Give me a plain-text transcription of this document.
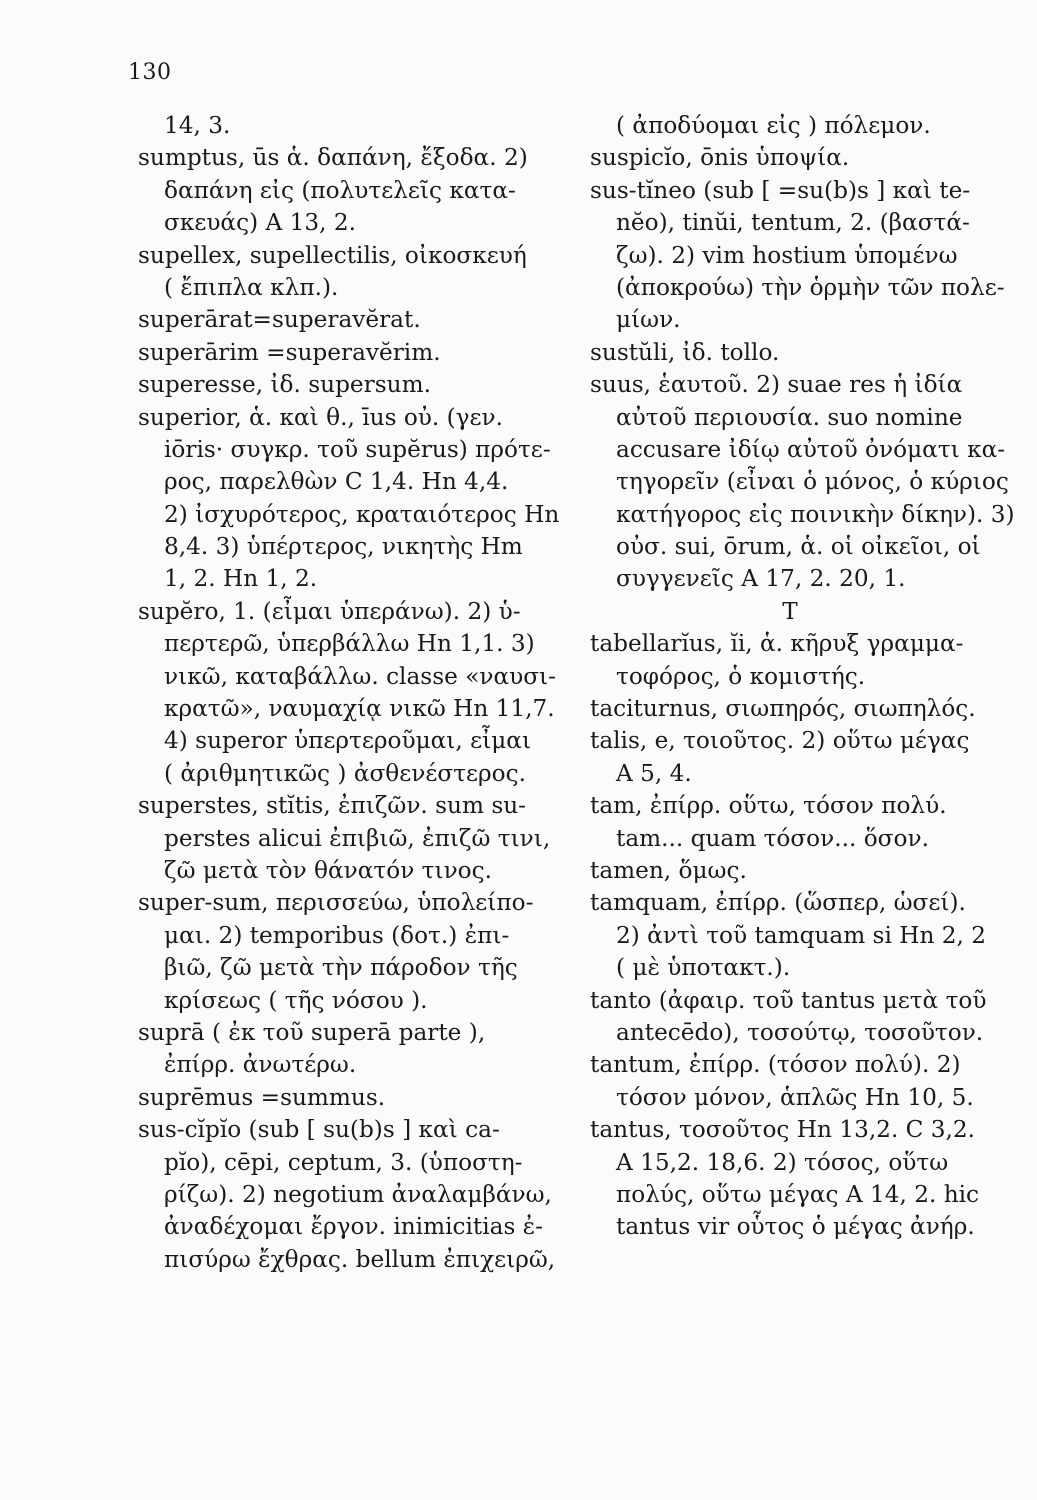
130
14, 3.
sumptus, ūs ἁ. δαπάνη, ἔξοδα. 2)
δαπάνη εἰς (πολυτελεῖς κατα-
σκευάς) A 13, 2.
supellex, supellectilis, οἰκοσκευή
( ἔπιπλα κλπ.).
superārat=superavĕrat.
superārim =superavĕrim.
superesse, ἰδ. supersum.
superior, ἁ. καὶ θ., īus οὐ. (γεν.
iōris· συγκρ. τοῦ supĕrus) πρότε-
ρος, παρελθὼν C 1,4. Hn 4,4.
2) ἰσχυρότερος, κραταιότερος Hn
8,4. 3) ὑπέρτερος, νικητὴς Hm
1, 2. Hn 1, 2.
supĕro, 1. (εἶμαι ὑπεράνω). 2) ὑ-
περτερῶ, ὑπερβάλλω Hn 1,1. 3)
νικῶ, καταβάλλω. classe «ναυσι-
κρατῶ», ναυμαχίᾳ νικῶ Hn 11,7.
4) superor ὑπερτεροῦμαι, εἶμαι
( ἀριθμητικῶς ) ἀσθενέστερος.
superstes, stĭtis, ἐπιζῶν. sum su-
perstes alicui ἐπιβιῶ, ἐπιζῶ τινι,
ζῶ μετὰ τὸν θάνατόν τινος.
super-sum, περισσεύω, ὑπολείπο-
μαι. 2) temporibus (δοτ.) ἐπι-
βιῶ, ζῶ μετὰ τὴν πάροδον τῆς
κρίσεως ( τῆς νόσου ).
suprā ( ἐκ τοῦ superā parte ),
ἐπίρρ. ἀνωτέρω.
suprēmus =summus.
sus-cĭpĭo (sub [ su(b)s ] καὶ ca-
pĭo), cēpi, ceptum, 3. (ὑποστη-
ρίζω). 2) negotium ἀναλαμβάνω,
ἀναδέχομαι ἔργον. inimicitias ἐ-
πισύρω ἔχθρας. bellum ἐπιχειρῶ,
( ἀποδύομαι εἰς ) πόλεμον.
suspicĭo, ōnis ὑποψία.
sus-tĭneo (sub [ =su(b)s ] καὶ te-
nĕo), tinŭi, tentum, 2. (βαστά-
ζω). 2) vim hostium ὑπομένω
(ἀποκρούω) τὴν ὁρμὴν τῶν πολε-
μίων.
sustŭli, ἰδ. tollo.
suus, ἑαυτοῦ. 2) suae res ἡ ἰδία
αὐτοῦ περιουσία. suo nomine
accusare ἰδίῳ αὐτοῦ ὀνόματι κα-
τηγορεῖν (εἶναι ὁ μόνος, ὁ κύριος
κατήγορος εἰς ποινικὴν δίκην). 3)
οὐσ. sui, ōrum, ἁ. οἱ οἰκεῖοι, οἱ
συγγενεῖς A 17, 2. 20, 1.
T
tabellarĭus, ĭi, ἁ. κῆρυξ γραμμα-
τοφόρος, ὁ κομιστής.
taciturnus, σιωπηρός, σιωπηλός.
talis, e, τοιοῦτος. 2) οὕτω μέγας
A 5, 4.
tam, ἐπίρρ. οὕτω, τόσον πολύ.
tam... quam τόσον... ὅσον.
tamen, ὅμως.
tamquam, ἐπίρρ. (ὥσπερ, ὡσεί).
2) ἀντὶ τοῦ tamquam si Hn 2, 2
( μὲ ὑποτακτ.).
tanto (ἀφαιρ. τοῦ tantus μετὰ τοῦ
antecēdo), τοσούτῳ, τοσοῦτον.
tantum, ἐπίρρ. (τόσον πολύ). 2)
τόσον μόνον, ἁπλῶς Hn 10, 5.
tantus, τοσοῦτος Hn 13,2. C 3,2.
A 15,2. 18,6. 2) τόσος, οὕτω
πολύς, οὕτω μέγας A 14, 2. hic
tantus vir οὗτος ὁ μέγας ἀνήρ.
